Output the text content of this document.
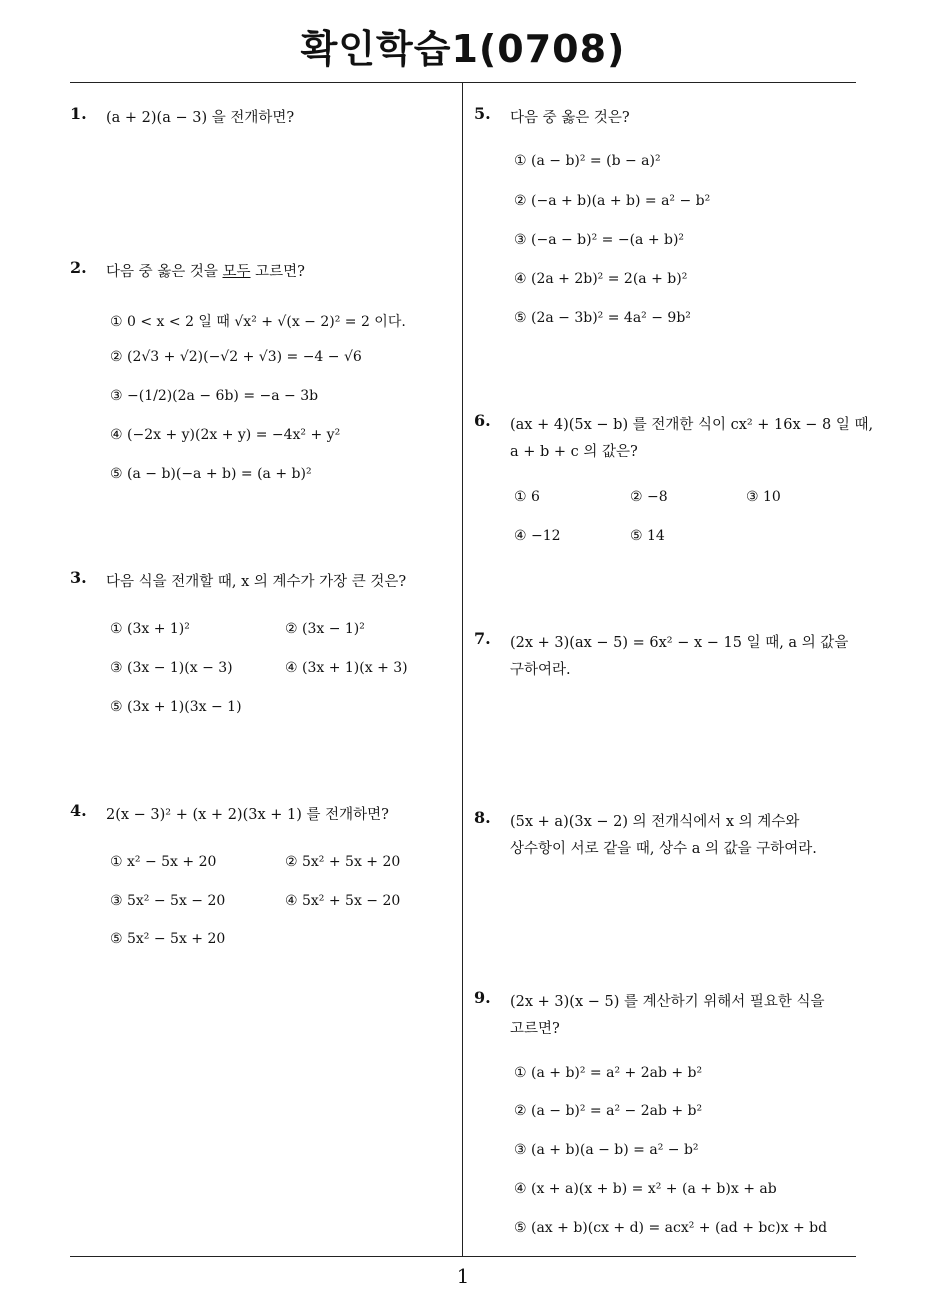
확인학습1(0708)
1. (a + 2)(a − 3) 을 전개하면?
2. 다음 중 옳은 것을 모두 고르면?
① 0 < x < 2 일 때 √x² + √(x − 2)² = 2 이다.
② (2√3 + √2)(−√2 + √3) = −4 − √6
③ −(1/2)(2a − 6b) = −a − 3b
④ (−2x + y)(2x + y) = −4x² + y²
⑤ (a − b)(−a + b) = (a + b)²
3. 다음 식을 전개할 때, x 의 계수가 가장 큰 것은?
① (3x + 1)²	② (3x − 1)²
③ (3x − 1)(x − 3)	④ (3x + 1)(x + 3)
⑤ (3x + 1)(3x − 1)
4. 2(x − 3)² + (x + 2)(3x + 1) 를 전개하면?
① x² − 5x + 20	② 5x² + 5x + 20
③ 5x² − 5x − 20	④ 5x² + 5x − 20
⑤ 5x² − 5x + 20
5. 다음 중 옳은 것은?
① (a − b)² = (b − a)²
② (−a + b)(a + b) = a² − b²
③ (−a − b)² = −(a + b)²
④ (2a + 2b)² = 2(a + b)²
⑤ (2a − 3b)² = 4a² − 9b²
6. (ax + 4)(5x − b) 를 전개한 식이 cx² + 16x − 8 일 때,
a + b + c 의 값은?
① 6	② −8	③ 10
④ −12	⑤ 14
7. (2x + 3)(ax − 5) = 6x² − x − 15 일 때, a 의 값을
구하여라.
8. (5x + a)(3x − 2) 의 전개식에서 x 의 계수와
상수항이 서로 같을 때, 상수 a 의 값을 구하여라.
9. (2x + 3)(x − 5) 를 계산하기 위해서 필요한 식을
고르면?
① (a + b)² = a² + 2ab + b²
② (a − b)² = a² − 2ab + b²
③ (a + b)(a − b) = a² − b²
④ (x + a)(x + b) = x² + (a + b)x + ab
⑤ (ax + b)(cx + d) = acx² + (ad + bc)x + bd
1
